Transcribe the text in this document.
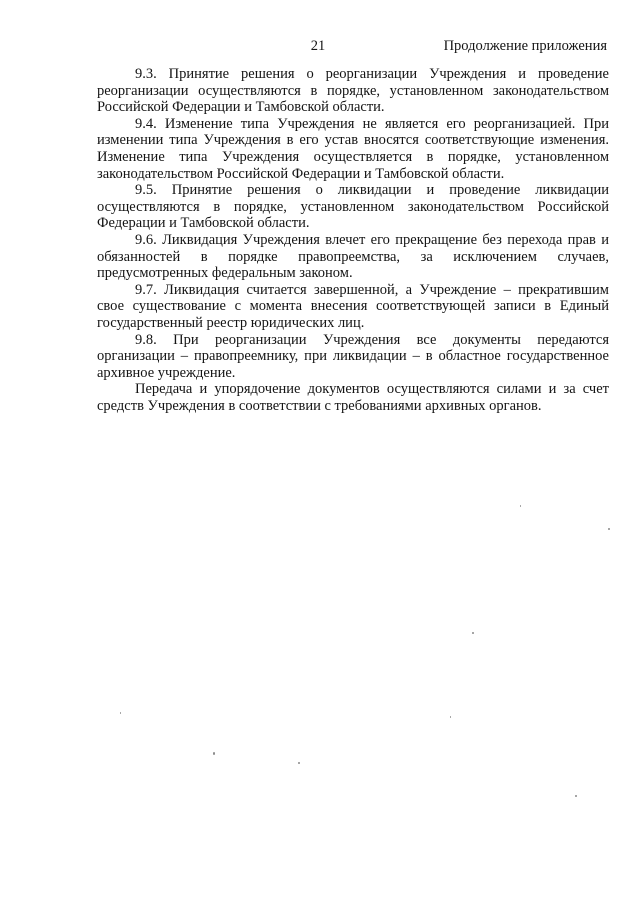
21	Продолжение приложения

9.3. Принятие решения о реорганизации Учреждения и проведение реорганизации осуществляются в порядке, установленном законодательством Российской Федерации и Тамбовской области.

9.4. Изменение типа Учреждения не является его реорганизацией. При изменении типа Учреждения в его устав вносятся соответствующие изменения. Изменение типа Учреждения осуществляется в порядке, установленном законодательством Российской Федерации и Тамбовской области.

9.5. Принятие решения о ликвидации и проведение ликвидации осуществляются в порядке, установленном законодательством Российской Федерации и Тамбовской области.

9.6. Ликвидация Учреждения влечет его прекращение без перехода прав и обязанностей в порядке правопреемства, за исключением случаев, предусмотренных федеральным законом.

9.7. Ликвидация считается завершенной, а Учреждение – прекратившим свое существование с момента внесения соответствующей записи в Единый государственный реестр юридических лиц.

9.8. При реорганизации Учреждения все документы передаются организации – правопреемнику, при ликвидации – в областное государственное архивное учреждение.

Передача и упорядочение документов осуществляются силами и за счет средств Учреждения в соответствии с требованиями архивных органов.
